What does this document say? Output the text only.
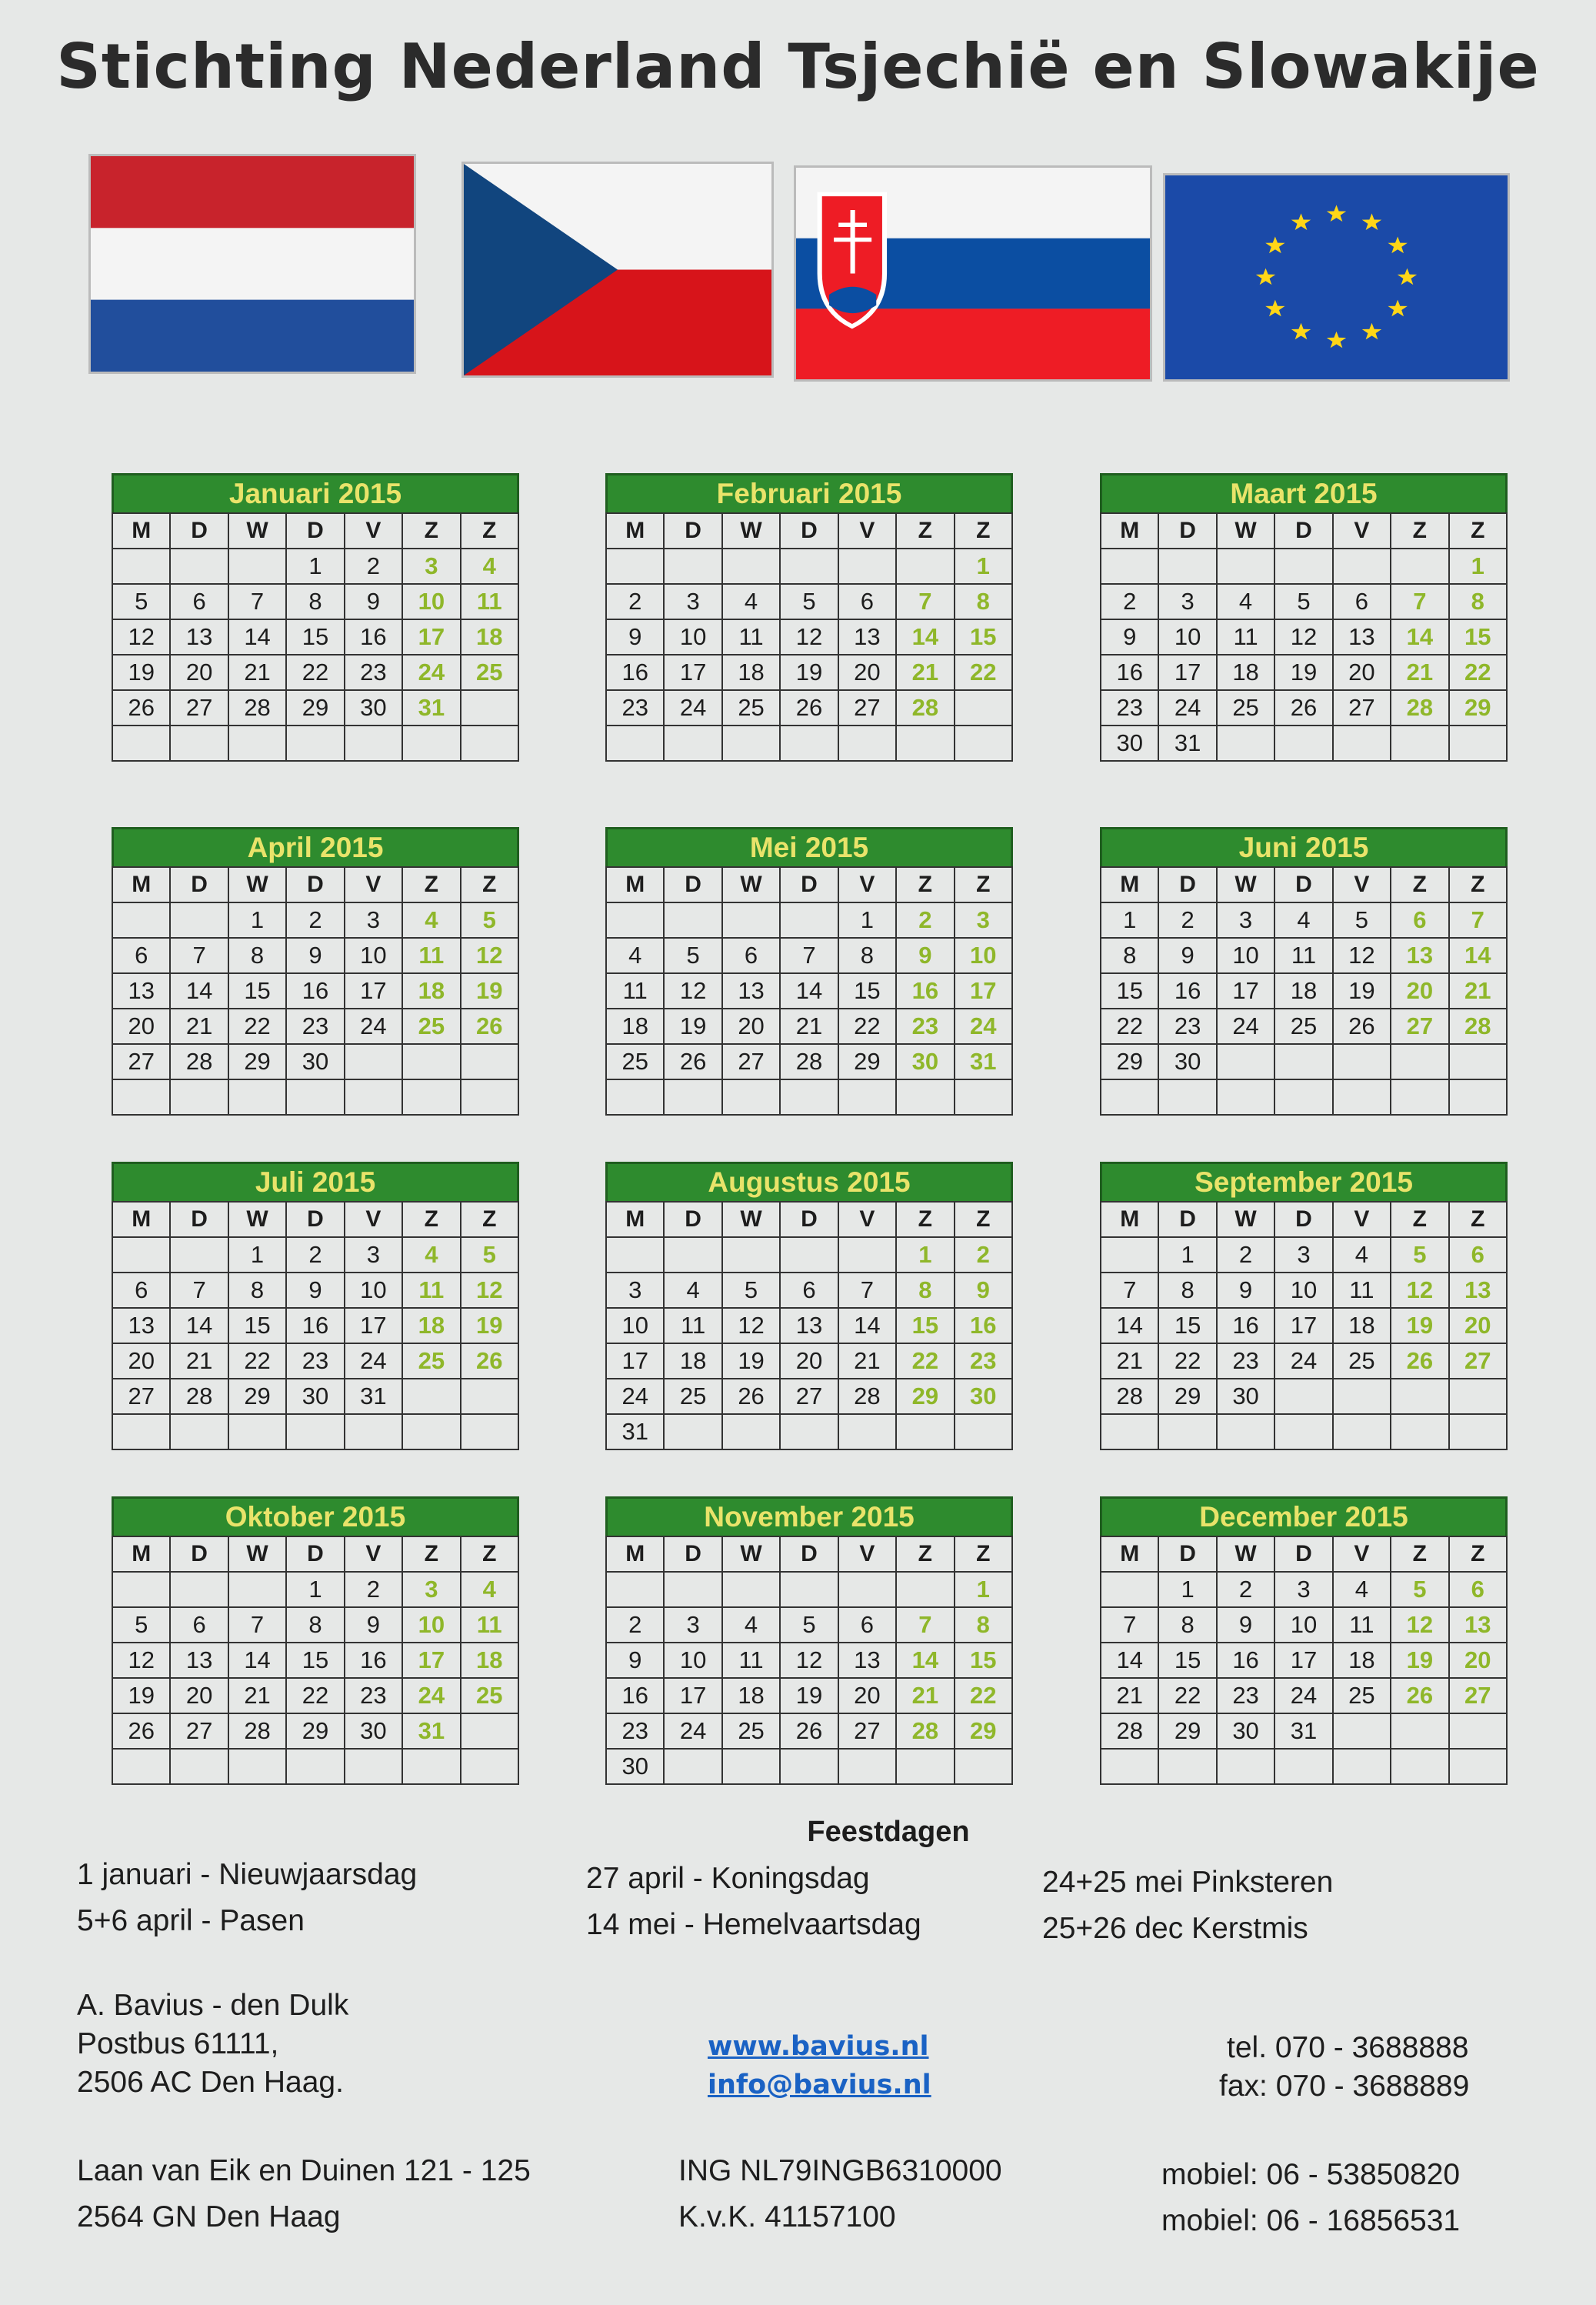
Stichting Nederland Tsjechië en Slowakije
Januari 2015
M	D	W	D	V	Z	Z
			1	2	3	4
5	6	7	8	9	10	11
12	13	14	15	16	17	18
19	20	21	22	23	24	25
26	27	28	29	30	31	

Februari 2015
M	D	W	D	V	Z	Z
						1
2	3	4	5	6	7	8
9	10	11	12	13	14	15
16	17	18	19	20	21	22
23	24	25	26	27	28	

Maart 2015
M	D	W	D	V	Z	Z
						1
2	3	4	5	6	7	8
9	10	11	12	13	14	15
16	17	18	19	20	21	22
23	24	25	26	27	28	29
30	31					
April 2015
M	D	W	D	V	Z	Z
		1	2	3	4	5
6	7	8	9	10	11	12
13	14	15	16	17	18	19
20	21	22	23	24	25	26
27	28	29	30			

Mei 2015
M	D	W	D	V	Z	Z
				1	2	3
4	5	6	7	8	9	10
11	12	13	14	15	16	17
18	19	20	21	22	23	24
25	26	27	28	29	30	31

Juni 2015
M	D	W	D	V	Z	Z
1	2	3	4	5	6	7
8	9	10	11	12	13	14
15	16	17	18	19	20	21
22	23	24	25	26	27	28
29	30					

Juli 2015
M	D	W	D	V	Z	Z
		1	2	3	4	5
6	7	8	9	10	11	12
13	14	15	16	17	18	19
20	21	22	23	24	25	26
27	28	29	30	31		

Augustus 2015
M	D	W	D	V	Z	Z
					1	2
3	4	5	6	7	8	9
10	11	12	13	14	15	16
17	18	19	20	21	22	23
24	25	26	27	28	29	30
31						
September 2015
M	D	W	D	V	Z	Z
	1	2	3	4	5	6
7	8	9	10	11	12	13
14	15	16	17	18	19	20
21	22	23	24	25	26	27
28	29	30				

Oktober 2015
M	D	W	D	V	Z	Z
			1	2	3	4
5	6	7	8	9	10	11
12	13	14	15	16	17	18
19	20	21	22	23	24	25
26	27	28	29	30	31	

November 2015
M	D	W	D	V	Z	Z
						1
2	3	4	5	6	7	8
9	10	11	12	13	14	15
16	17	18	19	20	21	22
23	24	25	26	27	28	29
30						
December 2015
M	D	W	D	V	Z	Z
	1	2	3	4	5	6
7	8	9	10	11	12	13
14	15	16	17	18	19	20
21	22	23	24	25	26	27
28	29	30	31			

Feestdagen
1 januari - Nieuwjaarsdag	27 april - Koningsdag	24+25 mei Pinksteren
5+6 april - Pasen	14 mei - Hemelvaartsdag	25+26 dec Kerstmis
A. Bavius - den Dulk
Postbus 61111,
2506 AC Den Haag.
www.bavius.nl
info@bavius.nl
tel. 070 - 3688888
fax: 070 - 3688889
Laan van Eik en Duinen 121 - 125
2564 GN Den Haag
ING NL79INGB6310000
K.v.K. 41157100
mobiel: 06 - 53850820
mobiel: 06 - 16856531
